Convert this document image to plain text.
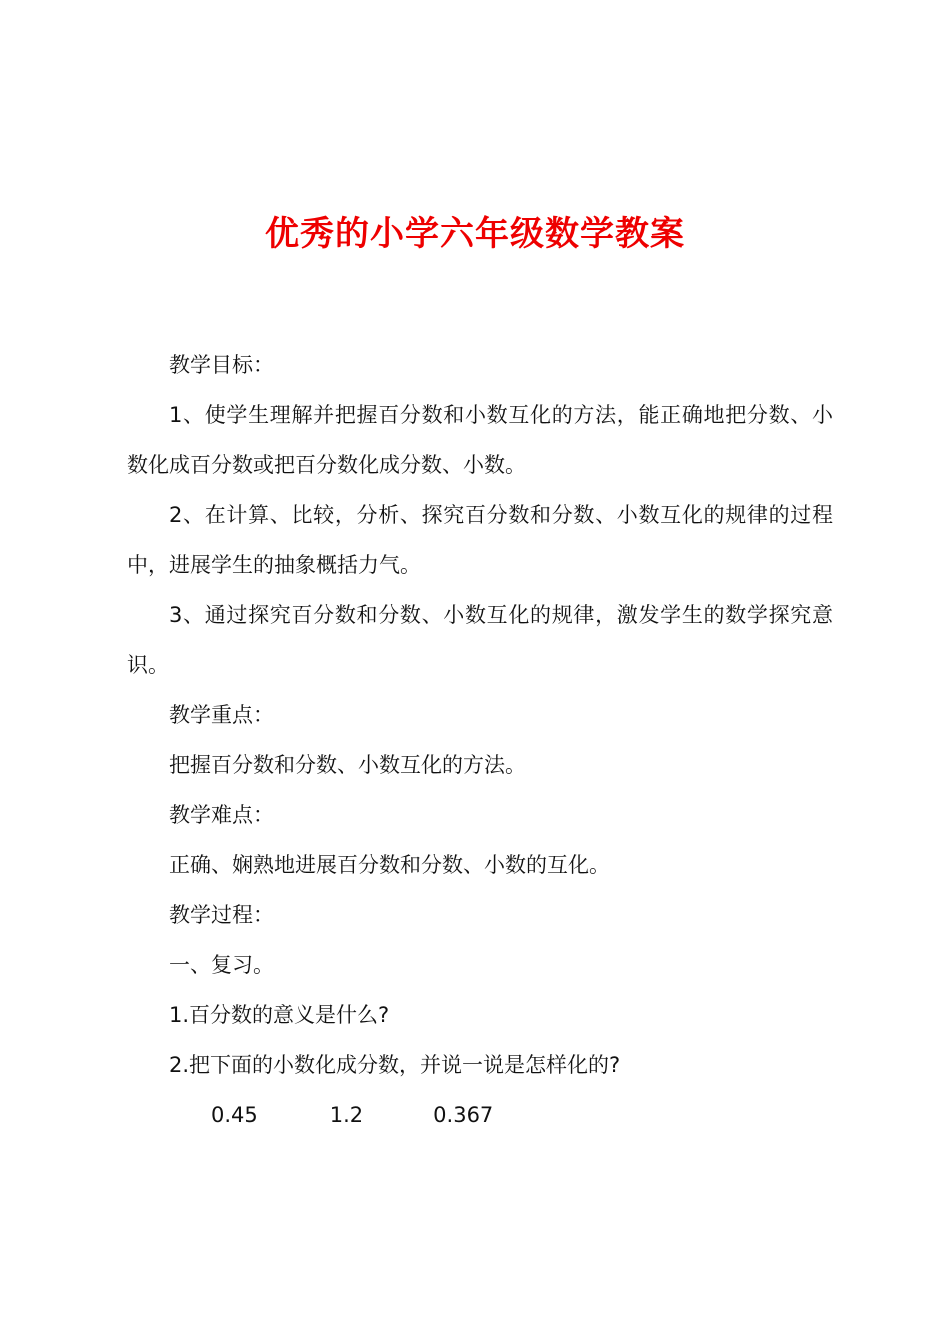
优秀的小学六年级数学教案

教学目标：

1、使学生理解并把握百分数和小数互化的方法，能正确地把分数、小数化成百分数或把百分数化成分数、小数。

2、在计算、比较，分析、探究百分数和分数、小数互化的规律的过程中，进展学生的抽象概括力气。

3、通过探究百分数和分数、小数互化的规律，激发学生的数学探究意识。

教学重点：

把握百分数和分数、小数互化的方法。

教学难点：

正确、娴熟地进展百分数和分数、小数的互化。

教学过程：

一、复习。

1.百分数的意义是什么?

2.把下面的小数化成分数，并说一说是怎样化的?

0.45	1.2	0.367
